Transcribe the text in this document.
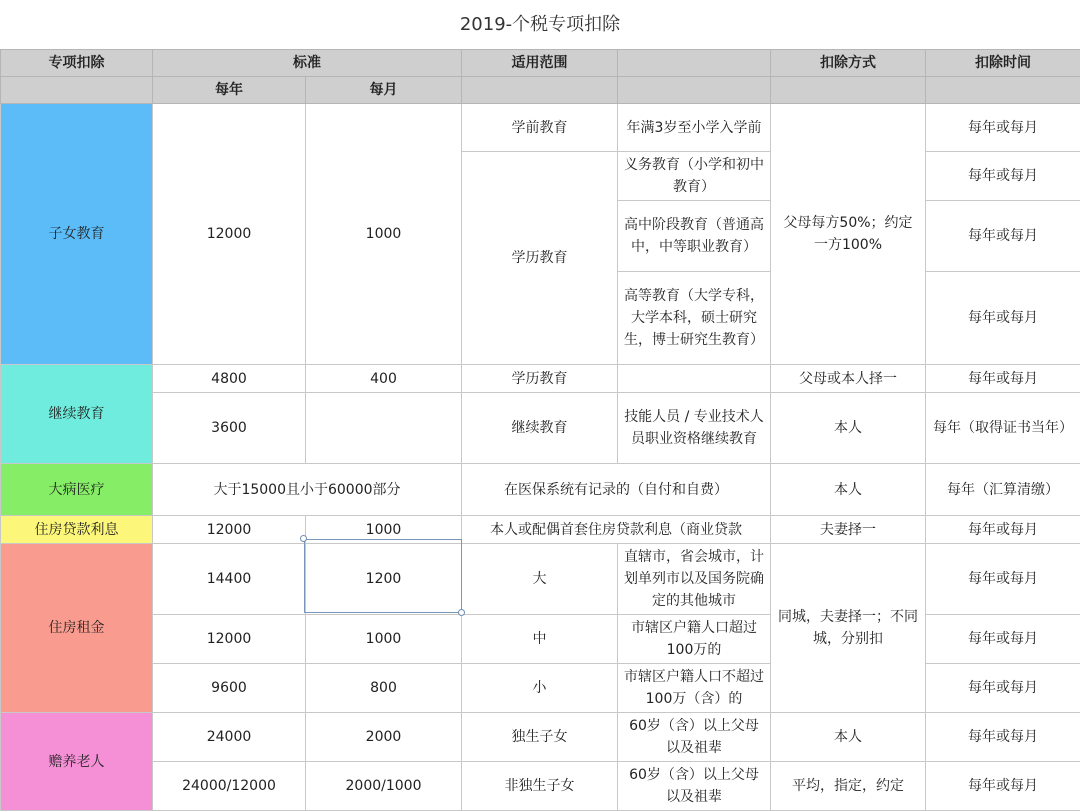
2019-个税专项扣除
专项扣除	标准		适用范围		扣除方式	扣除时间
	每年	每月				
子女教育	12000	1000	学前教育	年满3岁至小学入学前	父母每方50%；约定一方100%	每年或每月
			学历教育	义务教育（小学和初中教育）		每年或每月
				高中阶段教育（普通高中，中等职业教育）		每年或每月
				高等教育（大学专科，大学本科，硕士研究生，博士研究生教育）		每年或每月
继续教育	4800	400	学历教育		父母或本人择一	每年或每月
	3600		继续教育	技能人员 / 专业技术人员职业资格继续教育	本人	每年（取得证书当年）
大病医疗	大于15000且小于60000部分		在医保系统有记录的（自付和自费）		本人	每年（汇算清缴）
住房贷款利息	12000	1000	本人或配偶首套住房贷款利息（商业贷款		夫妻择一	每年或每月
住房租金	14400	1200	大	直辖市，省会城市，计划单列市以及国务院确定的其他城市	同城，夫妻择一；不同城，分别扣	每年或每月
	12000	1000	中	市辖区户籍人口超过100万的		每年或每月
	9600	800	小	市辖区户籍人口不超过100万（含）的		每年或每月
赡养老人	24000	2000	独生子女	60岁（含）以上父母以及祖辈	本人	每年或每月
	24000/12000	2000/1000	非独生子女	60岁（含）以上父母以及祖辈	平均，指定，约定	每年或每月
